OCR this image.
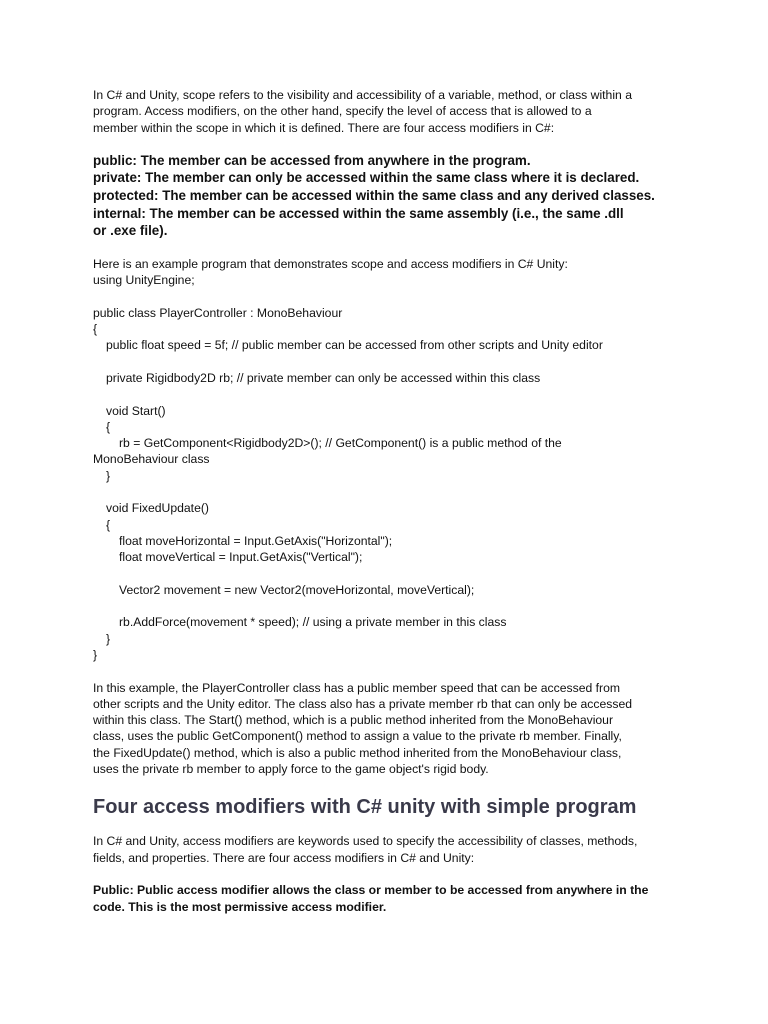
In C# and Unity, scope refers to the visibility and accessibility of a variable, method, or class within a
program. Access modifiers, on the other hand, specify the level of access that is allowed to a
member within the scope in which it is defined. There are four access modifiers in C#:
public: The member can be accessed from anywhere in the program.
private: The member can only be accessed within the same class where it is declared.
protected: The member can be accessed within the same class and any derived classes.
internal: The member can be accessed within the same assembly (i.e., the same .dll
or .exe file).
Here is an example program that demonstrates scope and access modifiers in C# Unity:
using UnityEngine;
public class PlayerController : MonoBehaviour
{
public float speed = 5f; // public member can be accessed from other scripts and Unity editor
private Rigidbody2D rb; // private member can only be accessed within this class
void Start()
{
rb = GetComponent<Rigidbody2D>(); // GetComponent() is a public method of the
MonoBehaviour class
}
void FixedUpdate()
{
float moveHorizontal = Input.GetAxis("Horizontal");
float moveVertical = Input.GetAxis("Vertical");
Vector2 movement = new Vector2(moveHorizontal, moveVertical);
rb.AddForce(movement * speed); // using a private member in this class
}
}
In this example, the PlayerController class has a public member speed that can be accessed from
other scripts and the Unity editor. The class also has a private member rb that can only be accessed
within this class. The Start() method, which is a public method inherited from the MonoBehaviour
class, uses the public GetComponent() method to assign a value to the private rb member. Finally,
the FixedUpdate() method, which is also a public method inherited from the MonoBehaviour class,
uses the private rb member to apply force to the game object's rigid body.
Four access modifiers with C# unity with simple program
In C# and Unity, access modifiers are keywords used to specify the accessibility of classes, methods,
fields, and properties. There are four access modifiers in C# and Unity:
Public: Public access modifier allows the class or member to be accessed from anywhere in the
code. This is the most permissive access modifier.
